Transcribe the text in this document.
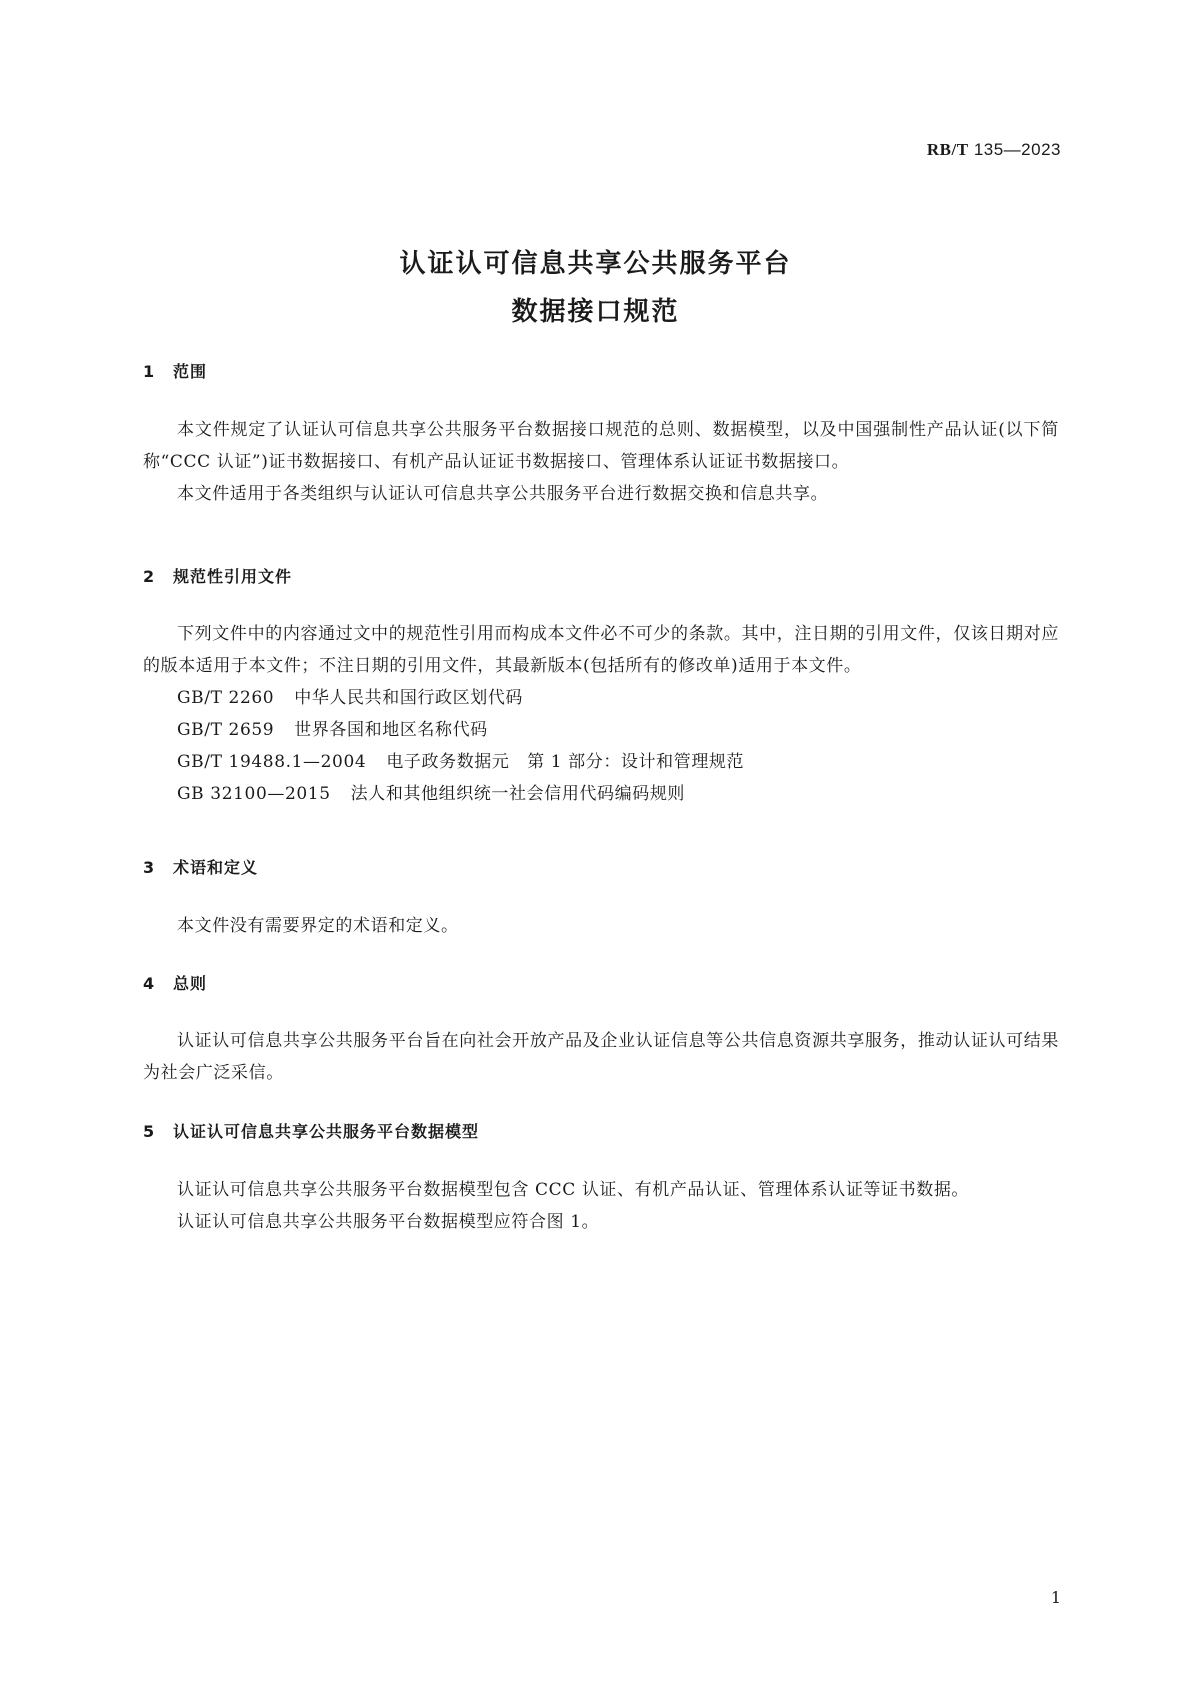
RB/T 135—2023
认证认可信息共享公共服务平台
数据接口规范
1 范围

本文件规定了认证认可信息共享公共服务平台数据接口规范的总则、数据模型，以及中国强制性产品认证(以下简称“CCC 认证”)证书数据接口、有机产品认证证书数据接口、管理体系认证证书数据接口。

本文件适用于各类组织与认证认可信息共享公共服务平台进行数据交换和信息共享。

2 规范性引用文件

下列文件中的内容通过文中的规范性引用而构成本文件必不可少的条款。其中，注日期的引用文件，仅该日期对应的版本适用于本文件；不注日期的引用文件，其最新版本(包括所有的修改单)适用于本文件。

GB/T 2260 中华人民共和国行政区划代码
GB/T 2659 世界各国和地区名称代码
GB/T 19488.1—2004 电子政务数据元　第 1 部分：设计和管理规范
GB 32100—2015 法人和其他组织统一社会信用代码编码规则
3 术语和定义

本文件没有需要界定的术语和定义。

4 总则

认证认可信息共享公共服务平台旨在向社会开放产品及企业认证信息等公共信息资源共享服务，推动认证认可结果为社会广泛采信。

5 认证认可信息共享公共服务平台数据模型

认证认可信息共享公共服务平台数据模型包含 CCC 认证、有机产品认证、管理体系认证等证书数据。

认证认可信息共享公共服务平台数据模型应符合图 1。

1
